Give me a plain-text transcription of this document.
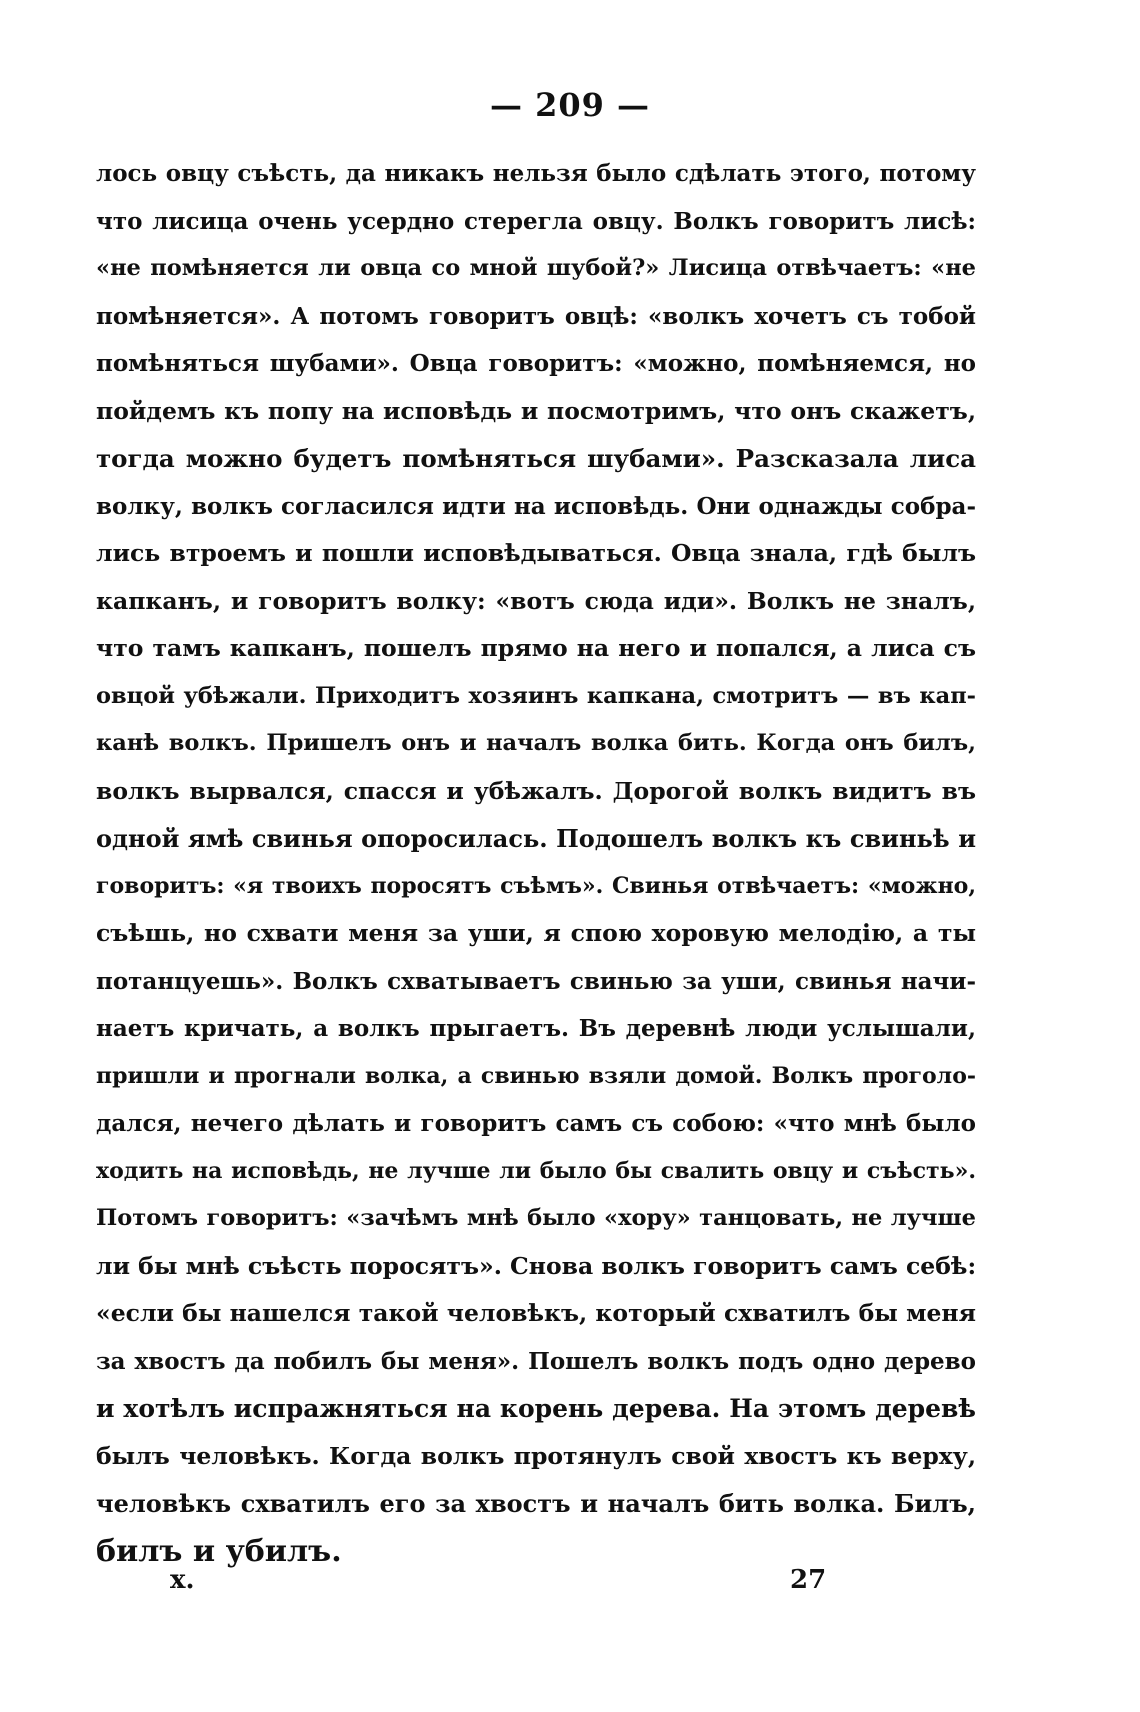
— 209 —
лось овцу съѣсть, да никакъ нельзя было сдѣлать этого, потому
что лисица очень усердно стерегла овцу. Волкъ говоритъ лисѣ:
«не помѣняется ли овца со мной шубой?» Лисица отвѣчаетъ: «не
помѣняется». А потомъ говоритъ овцѣ: «волкъ хочетъ съ тобой
помѣняться шубами». Овца говоритъ: «можно, помѣняемся, но
пойдемъ къ попу на исповѣдь и посмотримъ, что онъ скажетъ,
тогда можно будетъ помѣняться шубами». Разсказала лиса
волку, волкъ согласился идти на исповѣдь. Они однажды собра-
лись втроемъ и пошли исповѣдываться. Овца знала, гдѣ былъ
капканъ, и говоритъ волку: «вотъ сюда иди». Волкъ не зналъ,
что тамъ капканъ, пошелъ прямо на него и попался, а лиса съ
овцой убѣжали. Приходитъ хозяинъ капкана, смотритъ — въ кап-
канѣ волкъ. Пришелъ онъ и началъ волка бить. Когда онъ билъ,
волкъ вырвался, спасся и убѣжалъ. Дорогой волкъ видитъ въ
одной ямѣ свинья опоросилась. Подошелъ волкъ къ свиньѣ и
говоритъ: «я твоихъ поросятъ съѣмъ». Свинья отвѣчаетъ: «можно,
съѣшь, но схвати меня за уши, я спою хоровую мелодію, а ты
потанцуешь». Волкъ схватываетъ свинью за уши, свинья начи-
наетъ кричать, а волкъ прыгаетъ. Въ деревнѣ люди услышали,
пришли и прогнали волка, а свинью взяли домой. Волкъ проголо-
дался, нечего дѣлать и говоритъ самъ съ собою: «что мнѣ было
ходить на исповѣдь, не лучше ли было бы свалить овцу и съѣсть».
Потомъ говоритъ: «зачѣмъ мнѣ было «хору» танцовать, не лучше
ли бы мнѣ съѣсть поросятъ». Снова волкъ говоритъ самъ себѣ:
«если бы нашелся такой человѣкъ, который схватилъ бы меня
за хвостъ да побилъ бы меня». Пошелъ волкъ подъ одно дерево
и хотѣлъ испражняться на корень дерева. На этомъ деревѣ
былъ человѣкъ. Когда волкъ протянулъ свой хвостъ къ верху,
человѣкъ схватилъ его за хвостъ и началъ бить волка. Билъ,
билъ и убилъ.
x.	27
